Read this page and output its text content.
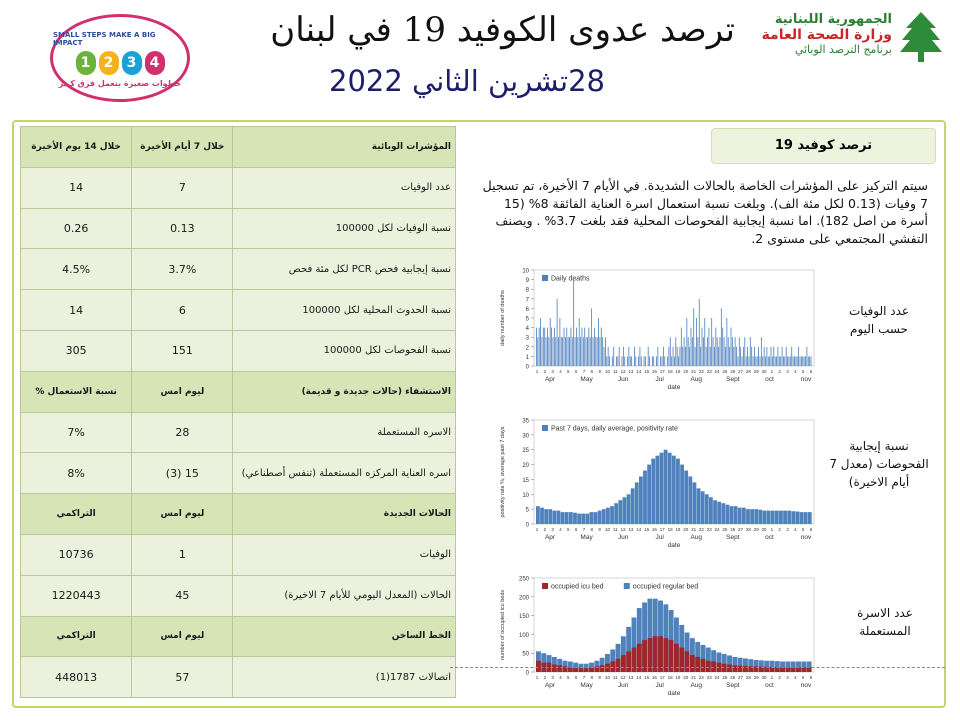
SMALL STEPS MAKE A BIG IMPACT
1 2 3 4
خطوات صغيرة بتعمل فرق كبير
ترصد عدوى الكوفيد 19 في لبنان
28تشرين الثاني 2022
الجمهورية اللبنانية
وزارة الصحة العامة
برنامج الترصد الوبائي
خلال 14 يوم الأخيرة	خلال 7 أيام الأخيرة	المؤشرات الوبائية
14	7	عدد الوفيات
0.26	0.13	نسبة الوفيات لكل 100000
4.5%	3.7%	نسبة إيجابية فحص PCR لكل مئة فحص
14	6	نسبة الحدوث المحلية لكل 100000
305	151	نسبة الفحوصات لكل 100000
% نسبة الاستعمال	ليوم امس	الاستشفاء (حالات جديدة و قديمة)
7%	28	الاسره المستعملة
8%	(3) 15	اسره العناية المركزه المستعملة (تنفس أصطناعي)
التراكمي	ليوم امس	الحالات الجديدة
10736	1	الوفيات
1220443	45	الحالات (المعدل اليومي للأيام 7 الاخيرة)
التراكمي	ليوم امس	الخط الساخن
448013	57	اتصالات 1787(1)
ترصد كوفيد 19
سيتم التركيز على المؤشرات الخاصة بالحالات الشديدة. في الأيام 7 الأخيرة، تم تسجيل 7 وفيات (0.13 لكل مئة الف). وبلغت نسبة استعمال اسرة العناية الفائقة 8% (15 أسرة من اصل 182). اما نسبة إيجابية الفحوصات المحلية فقد بلغت 3.7% . ويصنف التفشي المجتمعي على مستوى 2.
0
1
2
3
4
5
6
7
8
9
10
daily number of deaths
1 2 3 4 5 6 7 8 9 10 11 12 13 14 15 16 17 18 19 20 21 22 23 24 25 26 27 28 29 30 1 2 3 4 5 6
Apr	May	Jun	Jul	Aug	Sept	oct	nov
date
Daily deaths
0
5
10
15
20
25
30
35
positivity rate %, average past 7 days
1 2 3 4 5 6 7 8 9 10 11 12 13 14 15 16 17 18 19 20 21 22 23 24 25 26 27 28 29 30 1 2 3 4 5 6
Apr	May	Jun	Jul	Aug	Sept	oct	nov
date
Past 7 days, daily average, positivity rate
0
50
100
150
200
250
number of occupied icu beds
1 2 3 4 5 6 7 8 9 10 11 12 13 14 15 16 17 18 19 20 21 22 23 24 25 26 27 28 29 30 1 2 3 4 5 6
Apr	May	Jun	Jul	Aug	Sept	oct	nov
date
occupied icu bed	occupied regular bed
عدد الوفيات حسب اليوم
نسبة إيجابية الفحوصات (معدل 7 أيام الاخيرة)
عدد الاسرة المستعملة
